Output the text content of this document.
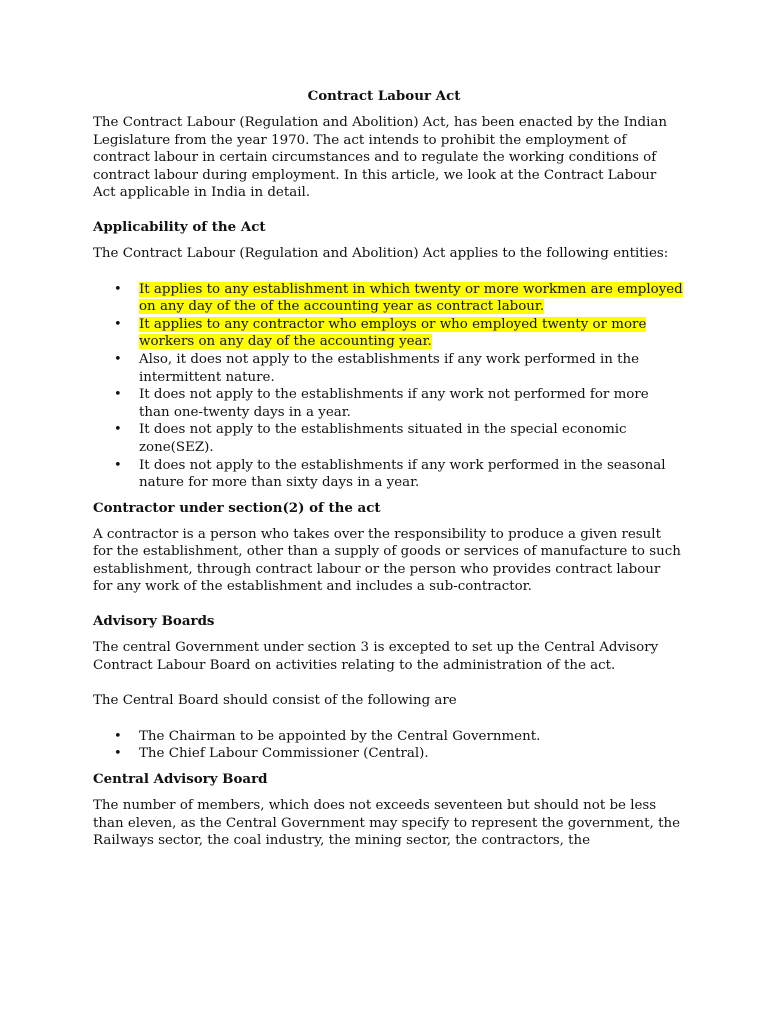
Contract Labour Act

The Contract Labour (Regulation and Abolition) Act, has been enacted by the Indian Legislature from the year 1970. The act intends to prohibit the employment of contract labour in certain circumstances and to regulate the working conditions of contract labour during employment. In this article, we look at the Contract Labour Act applicable in India in detail.

Applicability of the Act

The Contract Labour (Regulation and Abolition) Act applies to the following entities:

• It applies to any establishment in which twenty or more workmen are employed on any day of the of the accounting year as contract labour.
• It applies to any contractor who employs or who employed twenty or more workers on any day of the accounting year.
• Also, it does not apply to the establishments if any work performed in the intermittent nature.
• It does not apply to the establishments if any work not performed for more than one-twenty days in a year.
• It does not apply to the establishments situated in the special economic zone(SEZ).
• It does not apply to the establishments if any work performed in the seasonal nature for more than sixty days in a year.
Contractor under section(2) of the act

A contractor is a person who takes over the responsibility to produce a given result for the establishment, other than a supply of goods or services of manufacture to such establishment, through contract labour or the person who provides contract labour for any work of the establishment and includes a sub-contractor.

Advisory Boards

The central Government under section 3 is excepted to set up the Central Advisory Contract Labour Board on activities relating to the administration of the act.

The Central Board should consist of the following are

• The Chairman to be appointed by the Central Government.
• The Chief Labour Commissioner (Central).
Central Advisory Board

The number of members, which does not exceeds seventeen but should not be less than eleven, as the Central Government may specify to represent the government, the Railways sector, the coal industry, the mining sector, the contractors, the
